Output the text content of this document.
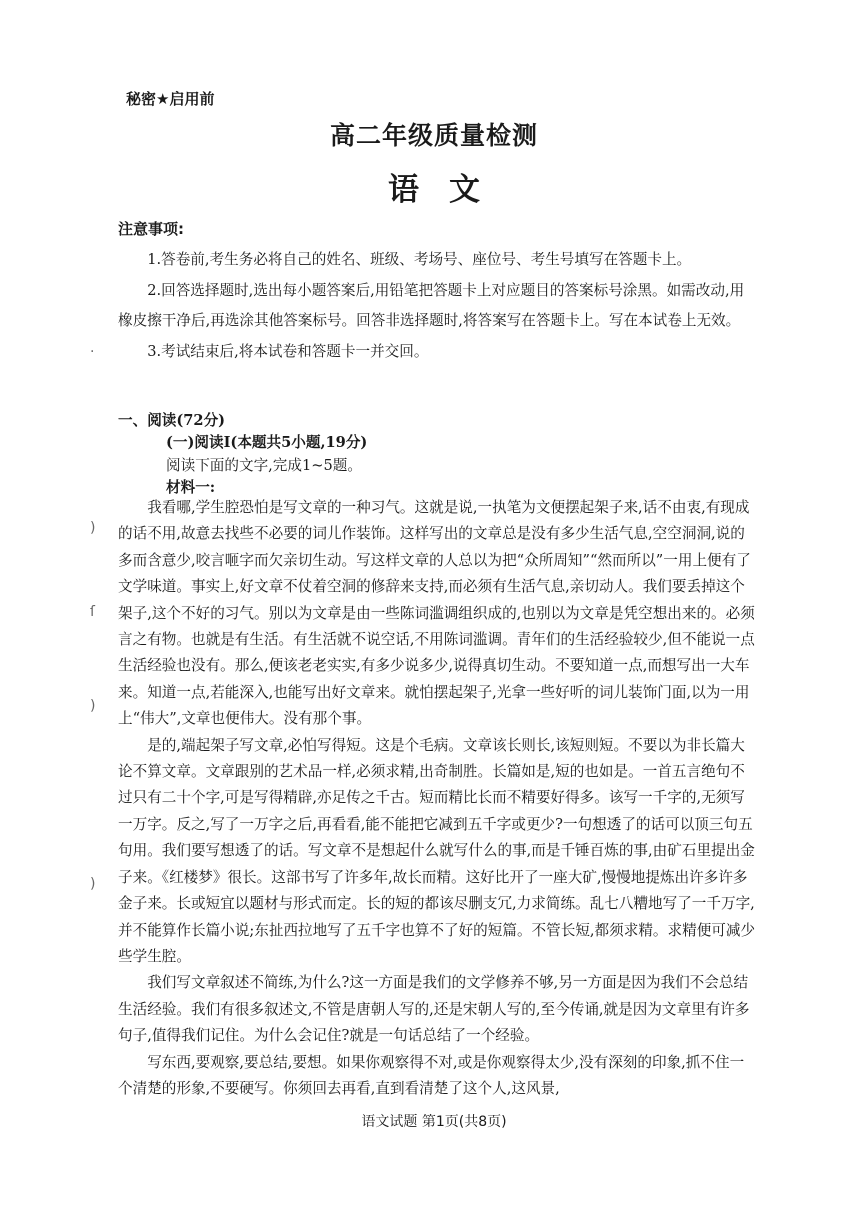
秘密★启用前
高二年级质量检测
语文
注意事项:

1.答卷前,考生务必将自己的姓名、班级、考场号、座位号、考生号填写在答题卡上。

2.回答选择题时,选出每小题答案后,用铅笔把答题卡上对应题目的答案标号涂黑。如需改动,用橡皮擦干净后,再选涂其他答案标号。回答非选择题时,将答案写在答题卡上。写在本试卷上无效。

3.考试结束后,将本试卷和答题卡一并交回。

一、阅读(72分)
(一)阅读Ⅰ(本题共5小题,19分)
阅读下面的文字,完成1~5题。
材料一:

我看哪,学生腔恐怕是写文章的一种习气。这就是说,一执笔为文便摆起架子来,话不由衷,有现成的话不用,故意去找些不必要的词儿作装饰。这样写出的文章总是没有多少生活气息,空空洞洞,说的多而含意少,咬言咂字而欠亲切生动。写这样文章的人总以为把“众所周知”“然而所以”一用上便有了文学味道。事实上,好文章不仗着空洞的修辞来支持,而必须有生活气息,亲切动人。我们要丢掉这个架子,这个不好的习气。别以为文章是由一些陈词滥调组织成的,也别以为文章是凭空想出来的。必须言之有物。也就是有生活。有生活就不说空话,不用陈词滥调。青年们的生活经验较少,但不能说一点生活经验也没有。那么,便该老老实实,有多少说多少,说得真切生动。不要知道一点,而想写出一大车来。知道一点,若能深入,也能写出好文章来。就怕摆起架子,光拿一些好听的词儿装饰门面,以为一用上“伟大”,文章也便伟大。没有那个事。

是的,端起架子写文章,必怕写得短。这是个毛病。文章该长则长,该短则短。不要以为非长篇大论不算文章。文章跟别的艺术品一样,必须求精,出奇制胜。长篇如是,短的也如是。一首五言绝句不过只有二十个字,可是写得精辟,亦足传之千古。短而精比长而不精要好得多。该写一千字的,无须写一万字。反之,写了一万字之后,再看看,能不能把它减到五千字或更少?一句想透了的话可以顶三句五句用。我们要写想透了的话。写文章不是想起什么就写什么的事,而是千锤百炼的事,由矿石里提出金子来。《红楼梦》很长。这部书写了许多年,故长而精。这好比开了一座大矿,慢慢地提炼出许多许多金子来。长或短宜以题材与形式而定。长的短的都该尽删支冗,力求简练。乱七八糟地写了一千万字,并不能算作长篇小说;东扯西拉地写了五千字也算不了好的短篇。不管长短,都须求精。求精便可减少些学生腔。

我们写文章叙述不简练,为什么?这一方面是我们的文学修养不够,另一方面是因为我们不会总结生活经验。我们有很多叙述文,不管是唐朝人写的,还是宋朝人写的,至今传诵,就是因为文章里有许多句子,值得我们记住。为什么会记住?就是一句话总结了一个经验。

写东西,要观察,要总结,要想。如果你观察得不对,或是你观察得太少,没有深刻的印象,抓不住一个清楚的形象,不要硬写。你须回去再看,直到看清楚了这个人,这风景,

·
)
ſ
)
)
语文试题 第1页(共8页)
